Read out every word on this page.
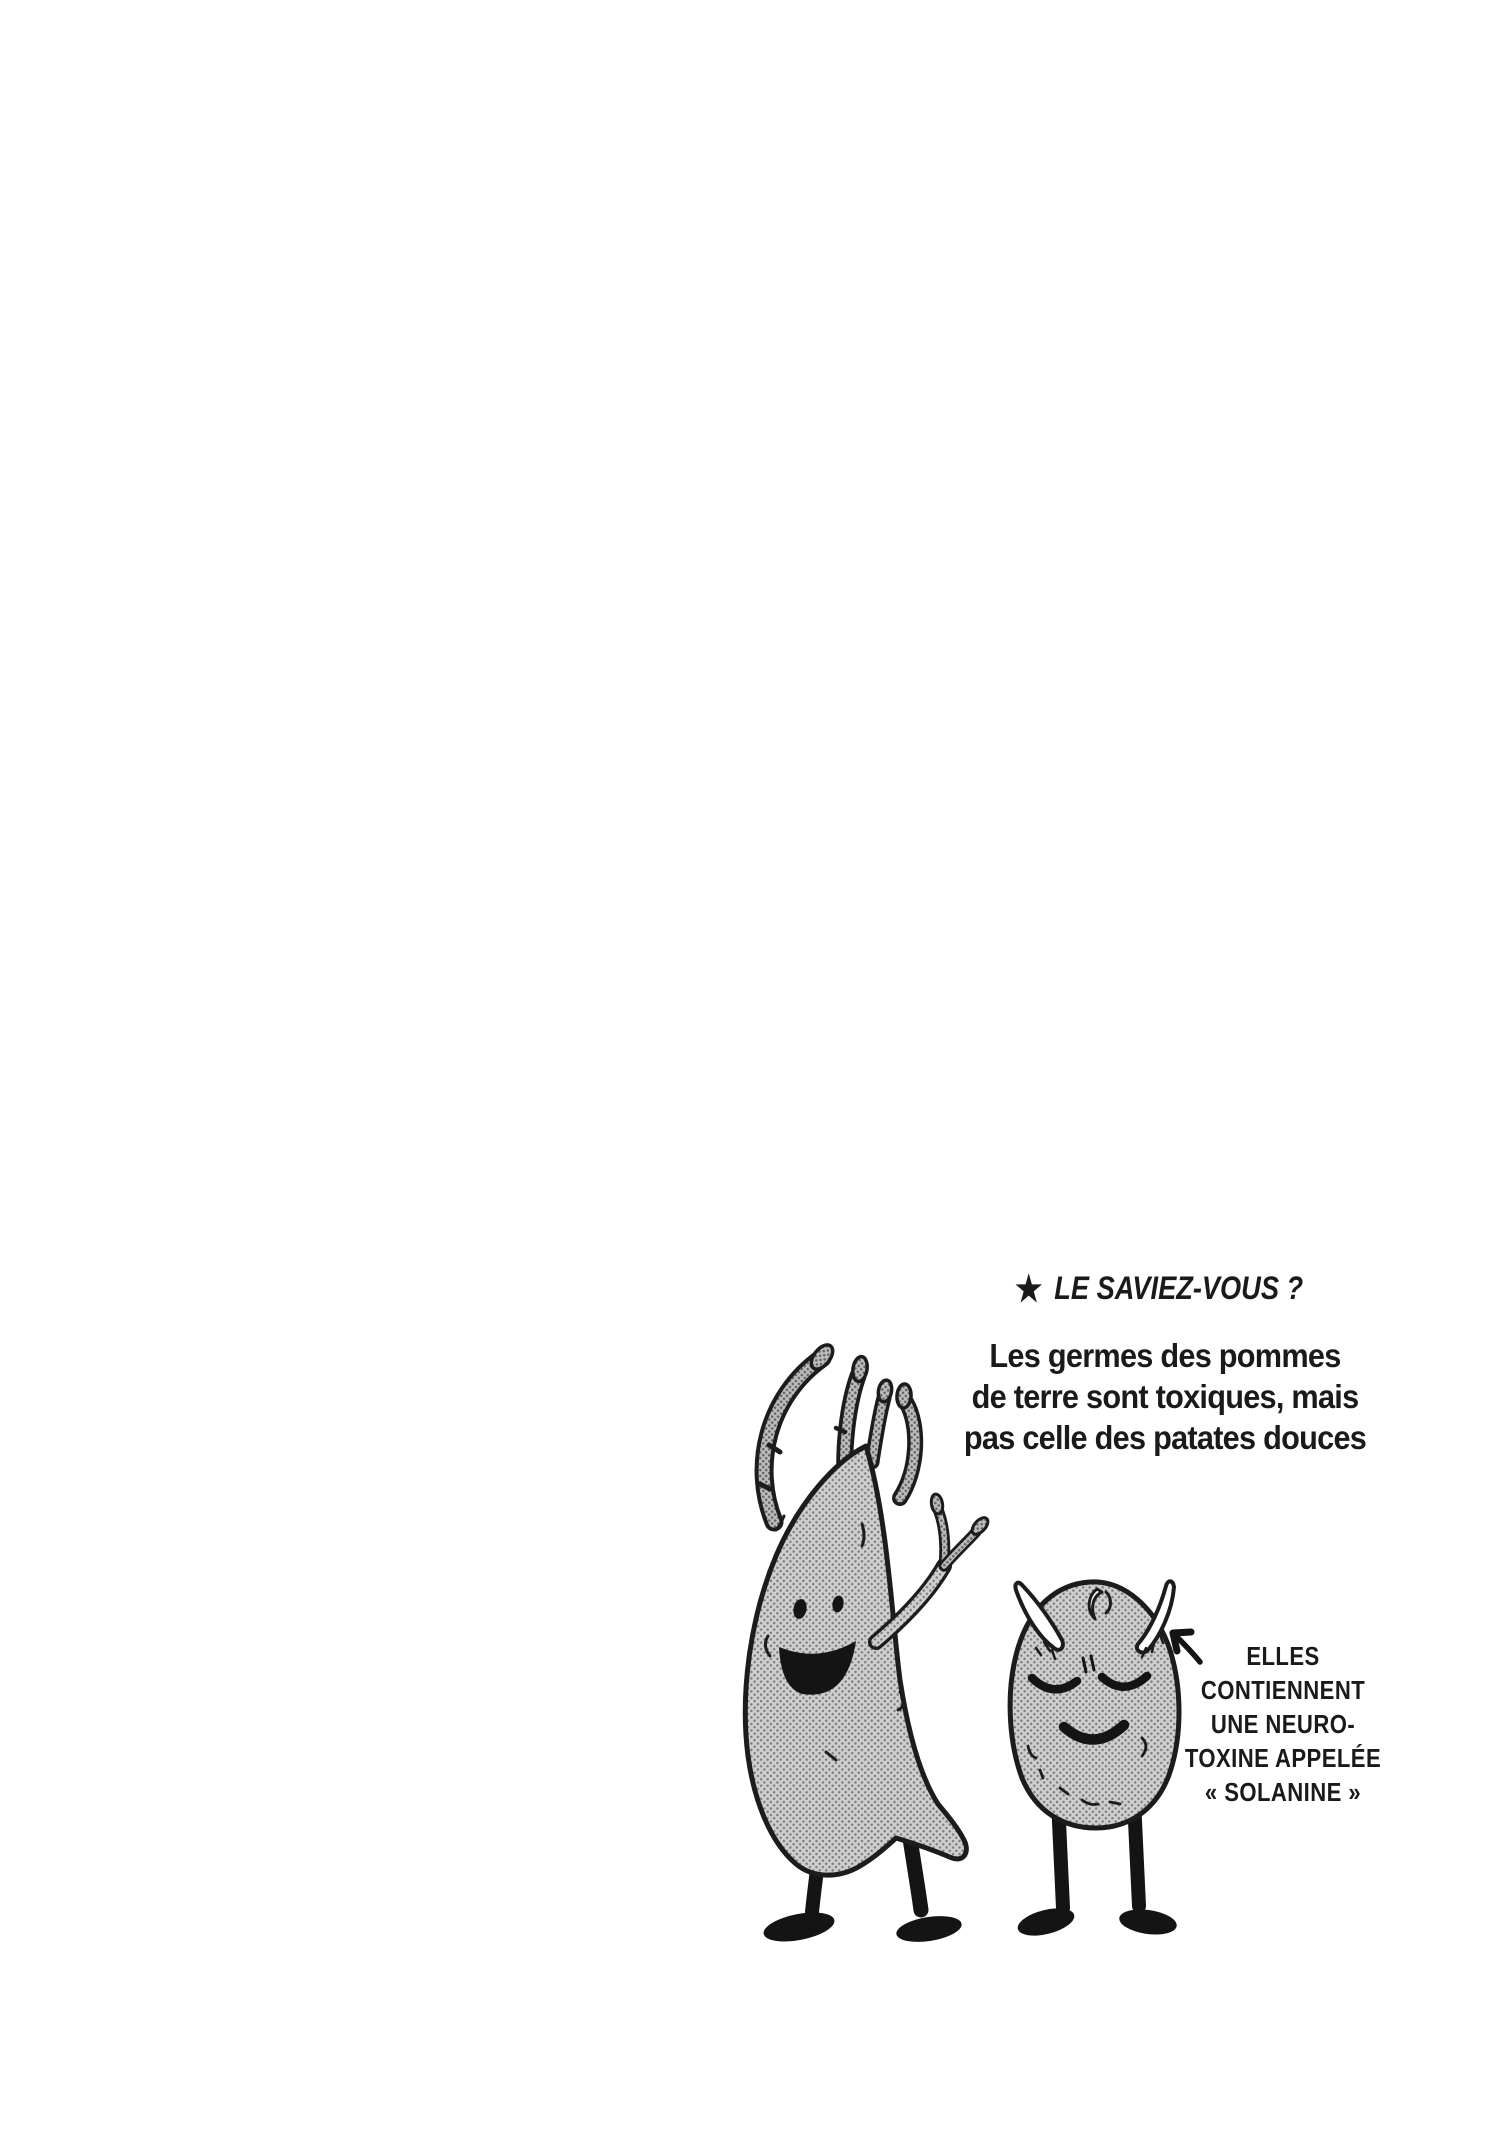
★ LE SAVIEZ-VOUS ?
Les germes des pommes
de terre sont toxiques, mais
pas celle des patates douces
ELLES
CONTIENNENT
UNE NEURO-
TOXINE APPELÉE
« SOLANINE »
